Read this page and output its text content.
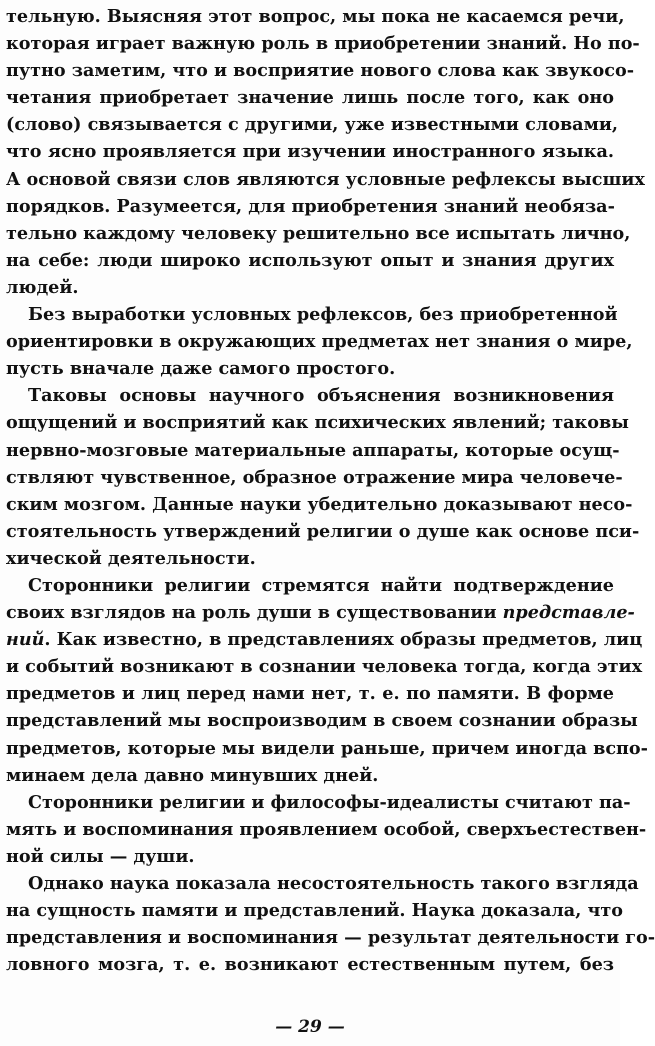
тельную. Выясняя этот вопрос, мы пока не касаемся речи,
которая играет важную роль в приобретении знаний. Но по-
путно заметим, что и восприятие нового слова как звукосо-
четания приобретает значение лишь после того, как оно
(слово) связывается с другими, уже известными словами,
что ясно проявляется при изучении иностранного языка.
А основой связи слов являются условные рефлексы высших
порядков. Разумеется, для приобретения знаний необяза-
тельно каждому человеку решительно все испытать лично,
на себе: люди широко используют опыт и знания других
людей.
Без выработки условных рефлексов, без приобретенной
ориентировки в окружающих предметах нет знания о мире,
пусть вначале даже самого простого.
Таковы основы научного объяснения возникновения
ощущений и восприятий как психических явлений; таковы
нервно-мозговые материальные аппараты, которые осущ-
ствляют чувственное, образное отражение мира человече-
ским мозгом. Данные науки убедительно доказывают несо-
стоятельность утверждений религии о душе как основе пси-
хической деятельности.
Сторонники религии стремятся найти подтверждение
своих взглядов на роль души в существовании представле-
ний. Как известно, в представлениях образы предметов, лиц
и событий возникают в сознании человека тогда, когда этих
предметов и лиц перед нами нет, т. е. по памяти. В форме
представлений мы воспроизводим в своем сознании образы
предметов, которые мы видели раньше, причем иногда вспо-
минаем дела давно минувших дней.
Сторонники религии и философы-идеалисты считают па-
мять и воспоминания проявлением особой, сверхъестествен-
ной силы — души.
Однако наука показала несостоятельность такого взгляда
на сущность памяти и представлений. Наука доказала, что
представления и воспоминания — результат деятельности го-
ловного мозга, т. е. возникают естественным путем, без
— 29 —
